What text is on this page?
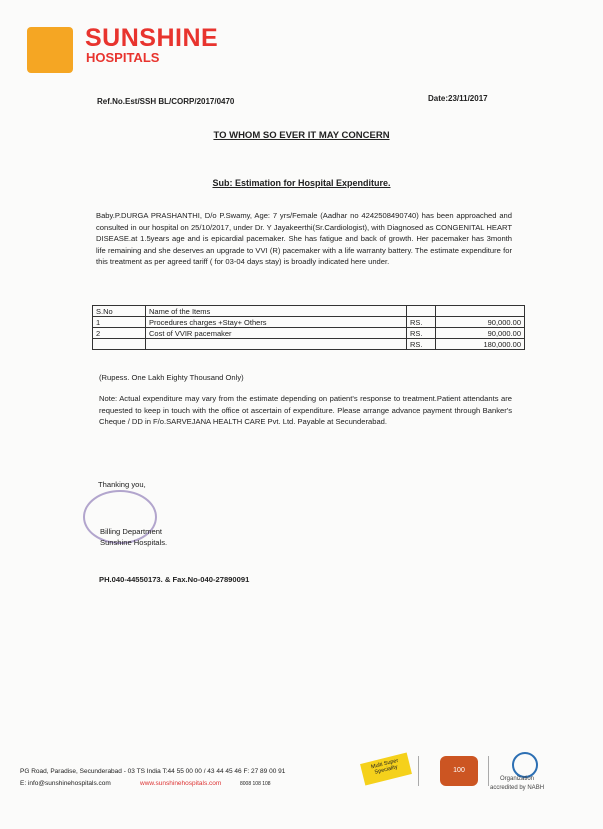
SUNSHINE
HOSPITALS
Ref.No.Est/SSH BL/CORP/2017/0470	Date:23/11/2017
TO WHOM SO EVER IT MAY CONCERN
Sub: Estimation for Hospital Expenditure.
Baby.P.DURGA PRASHANTHI, D/o P.Swamy, Age: 7 yrs/Female (Aadhar no 4242508490740) has been approached and consulted in our hospital on 25/10/2017, under Dr. Y Jayakeerthi(Sr.Cardiologist), with Diagnosed as CONGENITAL HEART DISEASE.at 1.5years age and is epicardial pacemaker. She has fatigue and back of growth. Her pacemaker has 3month life remaining and she deserves an upgrade to VVI (R) pacemaker with a life warranty battery. The estimate expenditure for this treatment as per agreed tariff ( for 03-04 days stay) is broadly indicated here under.
S.No	Name of the Items		
1	Procedures charges +Stay+ Others	RS.	90,000.00
2	Cost of VVIR pacemaker	RS.	90,000.00
		RS.	180,000.00
(Rupess. One Lakh Eighty Thousand Only)
Note: Actual expenditure may vary from the estimate depending on patient's response to treatment.Patient attendants are requested to keep in touch with the office ot ascertain of expenditure. Please arrange advance payment through Banker's Cheque / DD in F/o.SARVEJANA HEALTH CARE Pvt. Ltd. Payable at Secunderabad.
Thanking you,
Billing Department
Sunshine Hospitals.
PH.040-44550173. & Fax.No-040-27890091
PG Road, Paradise, Secunderabad - 03 TS India T:44 55 00 00 / 43 44 45 46 F: 27 89 00 91
E: info@sunshinehospitals.com	www.sunshinehospitals.com	8008 108 108
Multi Super Speciality	100
Organization
accredited by NABH
